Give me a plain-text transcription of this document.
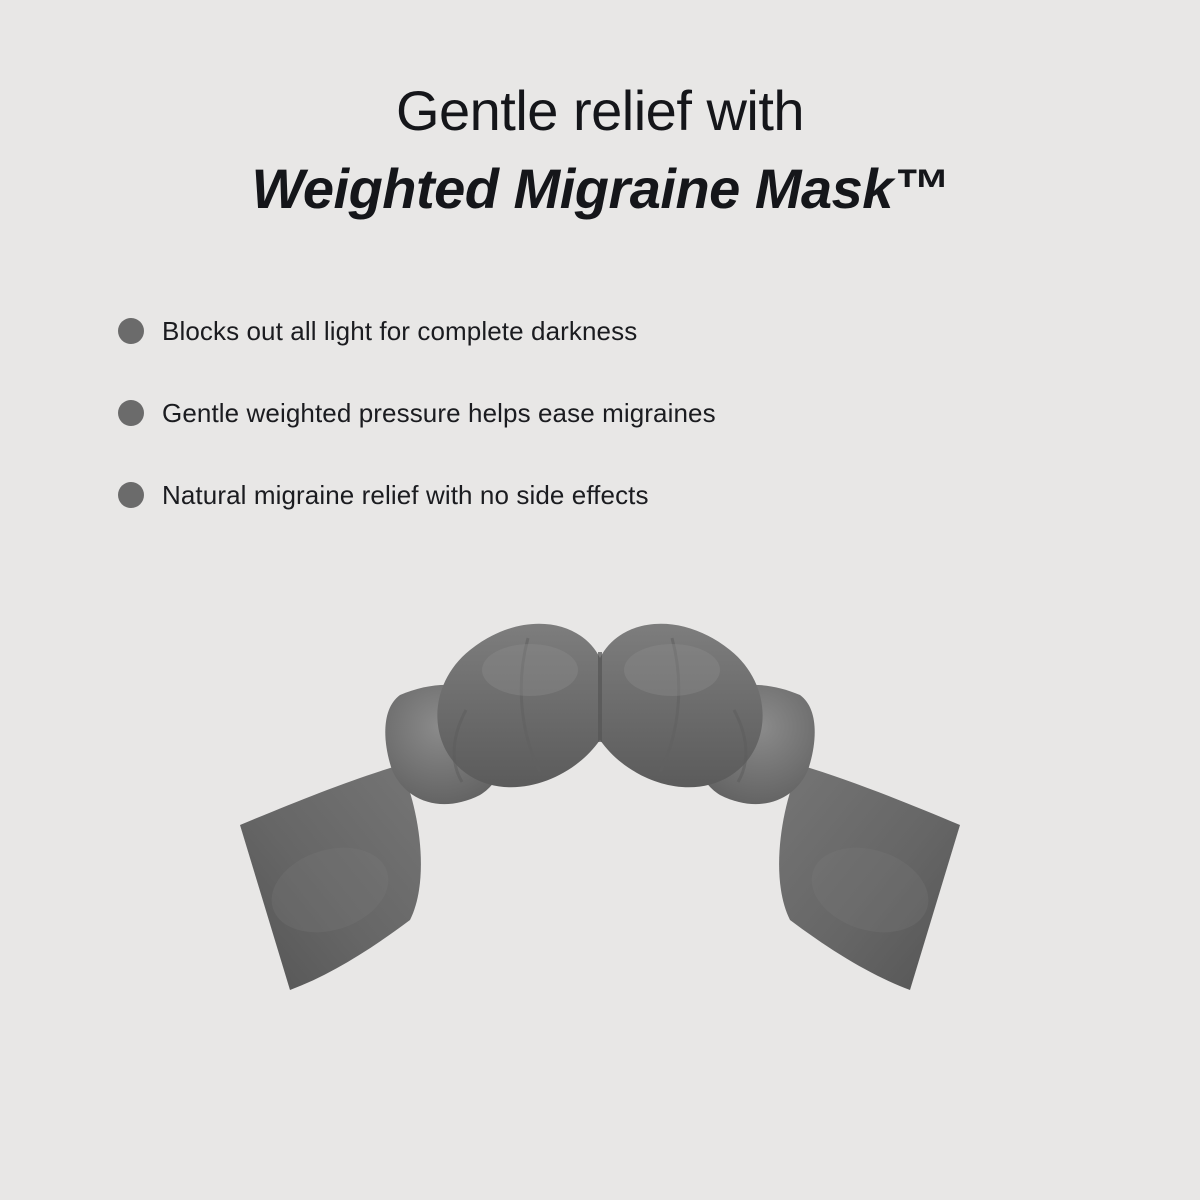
Gentle relief with
Weighted Migraine Mask™
Blocks out all light for complete darkness
Gentle weighted pressure helps ease migraines
Natural migraine relief with no side effects
